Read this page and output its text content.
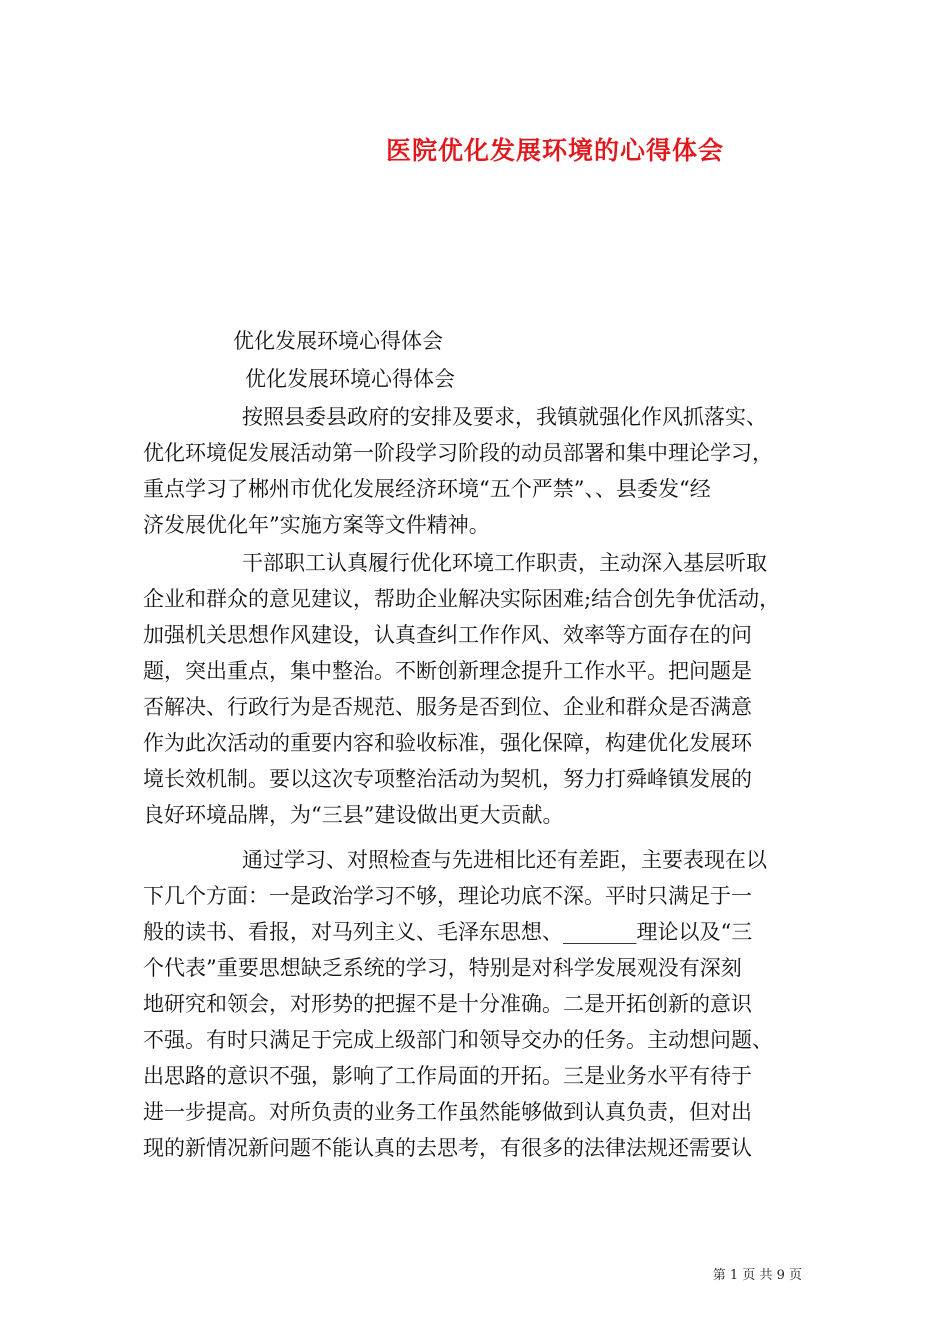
医院优化发展环境的心得体会
优化发展环境心得体会
优化发展环境心得体会
按照县委县政府的安排及要求，我镇就强化作风抓落实、
优化环境促发展活动第一阶段学习阶段的动员部署和集中理论学习，
重点学习了郴州市优化发展经济环境“五个严禁”、、县委发“经
济发展优化年”实施方案等文件精神。
干部职工认真履行优化环境工作职责，主动深入基层听取
企业和群众的意见建议，帮助企业解决实际困难;结合创先争优活动，
加强机关思想作风建设，认真查纠工作作风、效率等方面存在的问
题，突出重点，集中整治。不断创新理念提升工作水平。把问题是
否解决、行政行为是否规范、服务是否到位、企业和群众是否满意
作为此次活动的重要内容和验收标准，强化保障，构建优化发展环
境长效机制。要以这次专项整治活动为契机，努力打舜峰镇发展的
良好环境品牌，为“三县”建设做出更大贡献。
通过学习、对照检查与先进相比还有差距，主要表现在以
下几个方面：一是政治学习不够，理论功底不深。平时只满足于一
般的读书、看报，对马列主义、毛泽东思想、_______理论以及“三
个代表”重要思想缺乏系统的学习，特别是对科学发展观没有深刻
地研究和领会，对形势的把握不是十分准确。二是开拓创新的意识
不强。有时只满足于完成上级部门和领导交办的任务。主动想问题、
出思路的意识不强，影响了工作局面的开拓。三是业务水平有待于
进一步提高。对所负责的业务工作虽然能够做到认真负责，但对出
现的新情况新问题不能认真的去思考，有很多的法律法规还需要认
第 1 页 共 9 页
